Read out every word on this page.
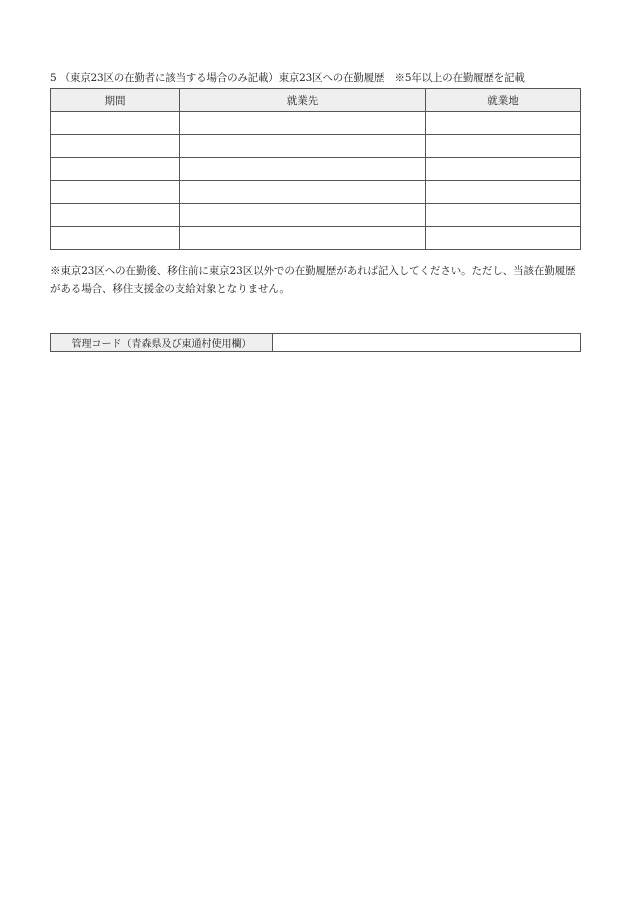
5 （東京23区の在勤者に該当する場合のみ記載）東京23区への在勤履歴　※5年以上の在勤履歴を記載
期間	就業先	就業地

※東京23区への在勤後、移住前に東京23区以外での在勤履歴があれば記入してください。ただし、当該在勤履歴がある場合、移住支援金の支給対象となりません。
管理コード（青森県及び東通村使用欄）	
